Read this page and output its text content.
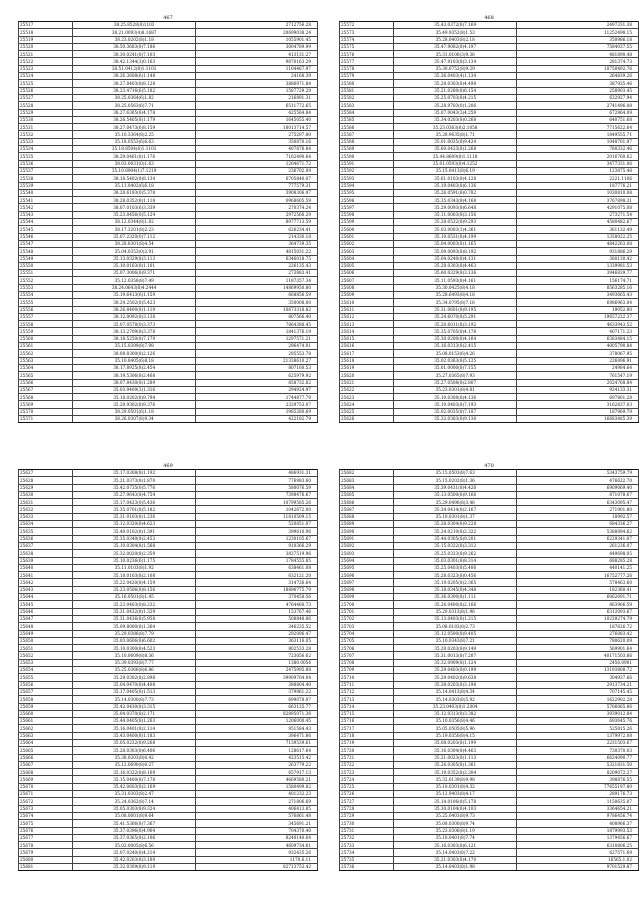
467
25517	38.25.8528(8)1103	2712756.28
25518	38.21.0093(4)8.1687	20699038.24
25519	38.23.0202(8)1.18	1055901.45
25520	38.50.3683(8)7.186	3004789.99
25521	38.30.0241(8)7.103	413131.27
25522	38.42.1344(3)0.163	9870163.29
25523	38.51.0412(8)1.1101	1104467.97
25524	38.26.3608(6)1.148	24168.39
25525	38.27.8403(8)8.128	3886971.84
25526	38.23.4716(6)5.182	1587729.29
25527	38.25.0364(6)1.82	216891.31
25528	38.25.0563(6)7.71	6511772.65
25529	38.27.6365(8)4.178	425564.84
25530	38.26.5405(8)1.179	1645055.40
25531	38.27.0473(6)8.159	18013714.57
25532	35.10.3364(8)2.25	275297.80
25533	35.18.0553(6)6.63	350870.16
25534	35.18.8504(6)1.1101	407876.84
25535	38.29.0461(8)1.176	7162490.64
25536	38.03.0031(0)1.63	1204671.72
25537	35.10.6904(1)7.1219	236702.09
25538	38.18.5402(8)8.134	6705840.07
25539	35.11.0402(6)6.18	777579.31
25540	38.28.6193(0)5.378	3908306.97
25541	38.28.0352(8)1.118	0968605.59
25542	38.07.0103(6)3.339	270374.24
25543	35.23.8456(0)5.124	2972566.29
25544	38.12.0344(8)1.82	8977713.59
25545	38.17.3201(8)2.23	626234.41
25546	35.07.2320(0)7.112	214330.18
25547	38.28.8301(8)4.54	364739.35
25548	35.04.0353(0)2.91	4815031.22
25549	35.13.0329(8)3.113	6346018.75
25550	35.10.0163(8)1.101	226135.43
25551	35.07.3006(8)9.371	273883.41
25552	35.12.0358(8)7.49	1187357.34
25553	38.24.0643(8)4.2444	14869950.80
25554	35.19.6413(6)1.159	668856.59
25555	38.24.2502(8)5.423	350008.00
25556	38.26.8400(8)1.119	10673318.82
25557	38.12.0092(8)3.138	807566.40
25558	35.07.0578(0)3.373	7864388.45
25559	38.13.2709(8)3.378	1841376.19
25560	38.18.5250(8)7.179	1297571.21
25561	35.15.0399(8)7.98	296474.01
25562	38.08.8300(8)2.126	295553.78
25563	35.10.8405(6)8.18	21338610.27
25564	38.17.8925(8)2.454	807160.53
25565	38.19.5306(8)2.468	625979.92
25566	38.07.8430(8)1.289	858732.82
25567	35.03.9409(3)1.316	294924.97
25568	35.18.0202(8)9.794	1744877.79
25569	35.29.9302(8)9.376	2329753.07
25570	38.29.0501(6)1.18	1985280.69
25571	38.26.0307(8)9.34	422182.79
468
25572	35.43.0372(8)7.169	2497331.38
25573	35.49.9352(8)1.53	11252498.15
25574	35.28.0403(8)2.18	350986.18
25575	35.47.9082(8)4.197	7584037.55
25576	35.31.0106(3)9.36	481890.48
25577	35.47.9103(8)3.134	281374.73
25578	35.30.0752(8)9.29	10750492.76
25579	35.36.0403(4)1.134	264839.26
25580	35.28.0303(8)4.498	387935.46
25581	35.21.0260(8)6.154	258903.45
25582	35.25.0703(8)4.215	632927.94
25583	35.28.9703(0)1.206	2741496.08
25584	35.07.0043(3)4.259	672864.09
25585	35.34.0203(8)0.268	640751.68
25586	35.23.0363(8)2.1058	7715622.64
25587	35.28.9635(8)1.71	1849555.71
25588	35.01.0035(8)9.424	1048701.97
25589	35.60.0423(8)1.268	780332.46
25590	35.44.8609(8)1.1118	2016760.62
25591	35.01.0593(8)4.1252	3477331.06
25592	35.15.0413(8)6.19	123875.48
25593	35.61.0103(8)4.128	2221.1106
25594	35.19.0403(8)6.136	187776.21
25595	35.26.0591(8)0.782	1030810.08
25596	35.35.0343(8)4.168	3767898.31
25597	35.29.0093(8)6.648	4291075.08
25598	35.11.0003(8)3.156	273271.54
25599	35.28.0532(8)9.293	4580482.67
25600	35.03.0003(3)4.361	361132.49
25601	35.10.0531(8)4.199	1358022.25
25602	35.04.0003(8)1.165	4842263.08
25603	35.09.0093(8)8.192	931886.29
25604	35.04.0240(8)4.131	380130.42
25605	35.28.0303(8)4.463	1339981.53
25606	35.60.0329(8)3.136	3946839.77
25607	35.11.0593(8)4.161	156174.71
25608	35.30.0425(8)4.18	8563285.16
25609	35.28.6493(8)4.18	3493665.43
25610	35.34.0795(8)7.16	6986963.04
25611	35.31.0601(8)9.195	19052.80
25612	35.24.6070(8)5.291	19657222.37
25613	35.20.6011(8)3.192	4633943.52
25614	35.35.0705(8)4.178	407171.23
25615	35.30.0200(8)4.164	6383484.15
25616	35.16.0313(8)2.415	4005790.84
25617	35.08.0153(6)4.26	378067.95
25618	35.02.0363(8)5.125	226896.91
25619	35.01.0000(8)7.155	24984.64
25620	35.27.0365(8)7.93	761547.19
25621	35.27.0508(8)2.807	2024768.84
25622	35.23.0301(8)4.81	924133.31
25623	35.10.0308(8)4.136	697801.28
25624	35.10.0403(8)7.193	3162837.03
25625	35.02.0035(8)7.187	187969.79
25626	35.32.0303(8)9.130	16683485.39
469
25627	35.17.0308(8)1.192	486931.31
25628	35.21.0373(8)1.870	776983.60
25629	35.42.0735(0)5.776	580076.59
25630	35.27.9643(8)4.754	7398476.67
25631	35.17.0423(0)5.436	10799585.26
25632	35.35.0701(8)5.182	1042672.00
25633	35.31.0103(8)1.236	11810509.15
25634	35.12.0320(8)4.623	520851.07
25635	35.40.0102(8)1.391	399610.96
25636	35.35.0340(8)2.453	1230105.67
25637	35.10.0304(8)1.568	910366.29
25638	35.32.0020(8)2.359	3827519.96
25639	35.10.0236(6)1.175	1784555.85
25640	35.11.0103(8)1.92	638461.08
25641	35.18.0103(8)2.108	632121.20
25642	35.22.0420(8)4.159	314726.64
25643	35.23.0506(8)8.156	18896775.79
25644	35.16.0501(8)1.45	370458.56
25645	35.23.0403(8)8.232	4764460.73
25646	35.31.0432(8)1.329	153767.46
25647	35.31.0436(8)5.958	508848.86
25648	35.09.8000(8)1.364	346235.52
25649	35.29.0386(8)7.79	292096.47
25650	35.03.0606(8)6.602	363116.05
25651	35.10.0300(8)4.523	802533.28
25652	35.10.0609(8)8.36	723056.62
25653	35.39.0393(8)7.77	1380.0054
25654	35.25.0366(8)6.86	2475995.88
25655	35.29.0302(8)2.898	39909704.04
25656	35.04.0470(8)4.408	388804.40
25657	35.17.0405(8)1.513	379961.22
25658	35.14.0300(8)7.73	699078.07
25659	35.42.0430(8)3.315	663135.77
25660	35.04.0370(8)2.171	82895071.36
25661	35.44.0405(8)1.263	1206000.45
25662	35.16.0401(8)2.114	951584.43
25663	35.43.0400(8)1.183	396471.86
25664	35.05.0232(8)9.268	7139539.61
25665	35.28.0303(8)6.406	128617.64
25666	35.38.0203(8)0.42	423515.42
25667	35.12.0690(8)0.27	263779.22
25668	35.16.0322(8)8.169	657917.13
25669	35.15.0400(8)7.178	4669580.21
25670	35.42.0603(8)2.169	1580499.82
25671	35.31.0303(8)2.47	401232.23
25672	35.24.0362(8)7.14	271806.69
25673	35.05.0303(8)9.324	406413.85
25674	35.08.0001(8)9.64	576861.48
25675	35.41.5306(8)7.367	345691.21
25676	35.37.0396(8)4.904	704370.40
25677	35.37.0365(8)2.106	8240140.64
25678	35.02.0005(8)6.56	4609734.61
25679	35.07.0240(8)4.214	932435.26
25680	35.42.0203(8)3.189	1170.6.11
25681	35.32.0309(8)9.119	82713753.42
470
25682	35.15.0503(8)7.63	5343759.79
25683	35.15.0202(8)1.36	476622.70
25684	35.39.0431(8)4.426	6909069.40
25685	35.13.0500(8)9.166	871078.67
25686	35.29.0496(8)3.46	6343095.47
25687	35.34.0414(8)2.167	271901.80
25688	35.10.0301(8)1.37	18992.57
25689	35.38.0304(8)9.228	684336.27
25690	35.24.0210(8)2.322	5388894.62
25691	35.44.0305(8)9.201	6229341.07
25692	35.15.0322(8)3.312	261236.07
25693	35.25.0323(8)9.262	449698.05
25694	35.03.0301(8)8.314	688285.28
25695	35.25.0403(8)5.406	440141.25
25696	35.28.0323(8)0.456	16752777.26
25697	35.19.0205(8)2.365	578463.60
25698	35.18.0345(8)4.348	182360.41
25699	35.36.0300(8)1.111	6062691.71
25700	35.26.0400(8)2.166	863966.59
25701	35.20.0313(8)1.96	6312093.67
25702	35.13.0403(8)1.215	10239274.79
25703	35.08.0183(8)2.73	187626.72
25704	35.12.0500(8)9.405	276083.42
25705	35.10.0343(8)7.21	780620.09
25706	35.20.0203(8)9.149	569901.64
25707	35.31.0013(8)7.207	40171503.66
25708	35.32.0909(8)1.124	2456.0901
25709	35.29.0403(8)0.199	13193808.72
25710	35.29.0402(8)9.638	304937.66
25711	35.38.0203(8)3.198	2913734.21
25712	35.14.0413(8)4.34	707145.45
25713	35.14.0303(8)5.92	1622902.28
25714	35.23.0403(8)1.2004	5766065.86
25715	35.12.0313(8)3.382	3939012.84
25716	35.10.0356(8)4.46	693645.76
25717	35.05.0505(8)5.96	525815.26
25718	35.19.0350(8)4.15	1379972.08
25719	35.08.0203(8)1.199	2231503.67
25720	35.16.0304(8)4.463	730370.03
25721	35.21.0023(8)1.113	6624090.77
25722	35.26.0305(8)1.361	5321831.50
25723	35.19.0352(8)2.304	8209072.27
25724	35.32.0139(8)9.98	398876.55
25725	35.10.0301(8)4.32	77655197.80
25726	35.12.9403(8)4.17	289176.73
25727	35.14.0106(8)5.178	1150635.07
25728	35.30.0104(8)4.103	3364654.21
25729	35.25.0403(8)9.73	9786456.74
25730	35.08.0300(8)9.74	408966.37
25731	35.23.0306(8)1.19	1879993.53
25732	35.10.0401(8)7.74	1379456.67
25733	35.16.0303(8)6.121	6310806.25
25734	35.14.0403(8)7.22	627571.69
25735	35.21.0303(8)4.170	16565.1.02
25736	35.14.0403(8)1.98	9701529.87
